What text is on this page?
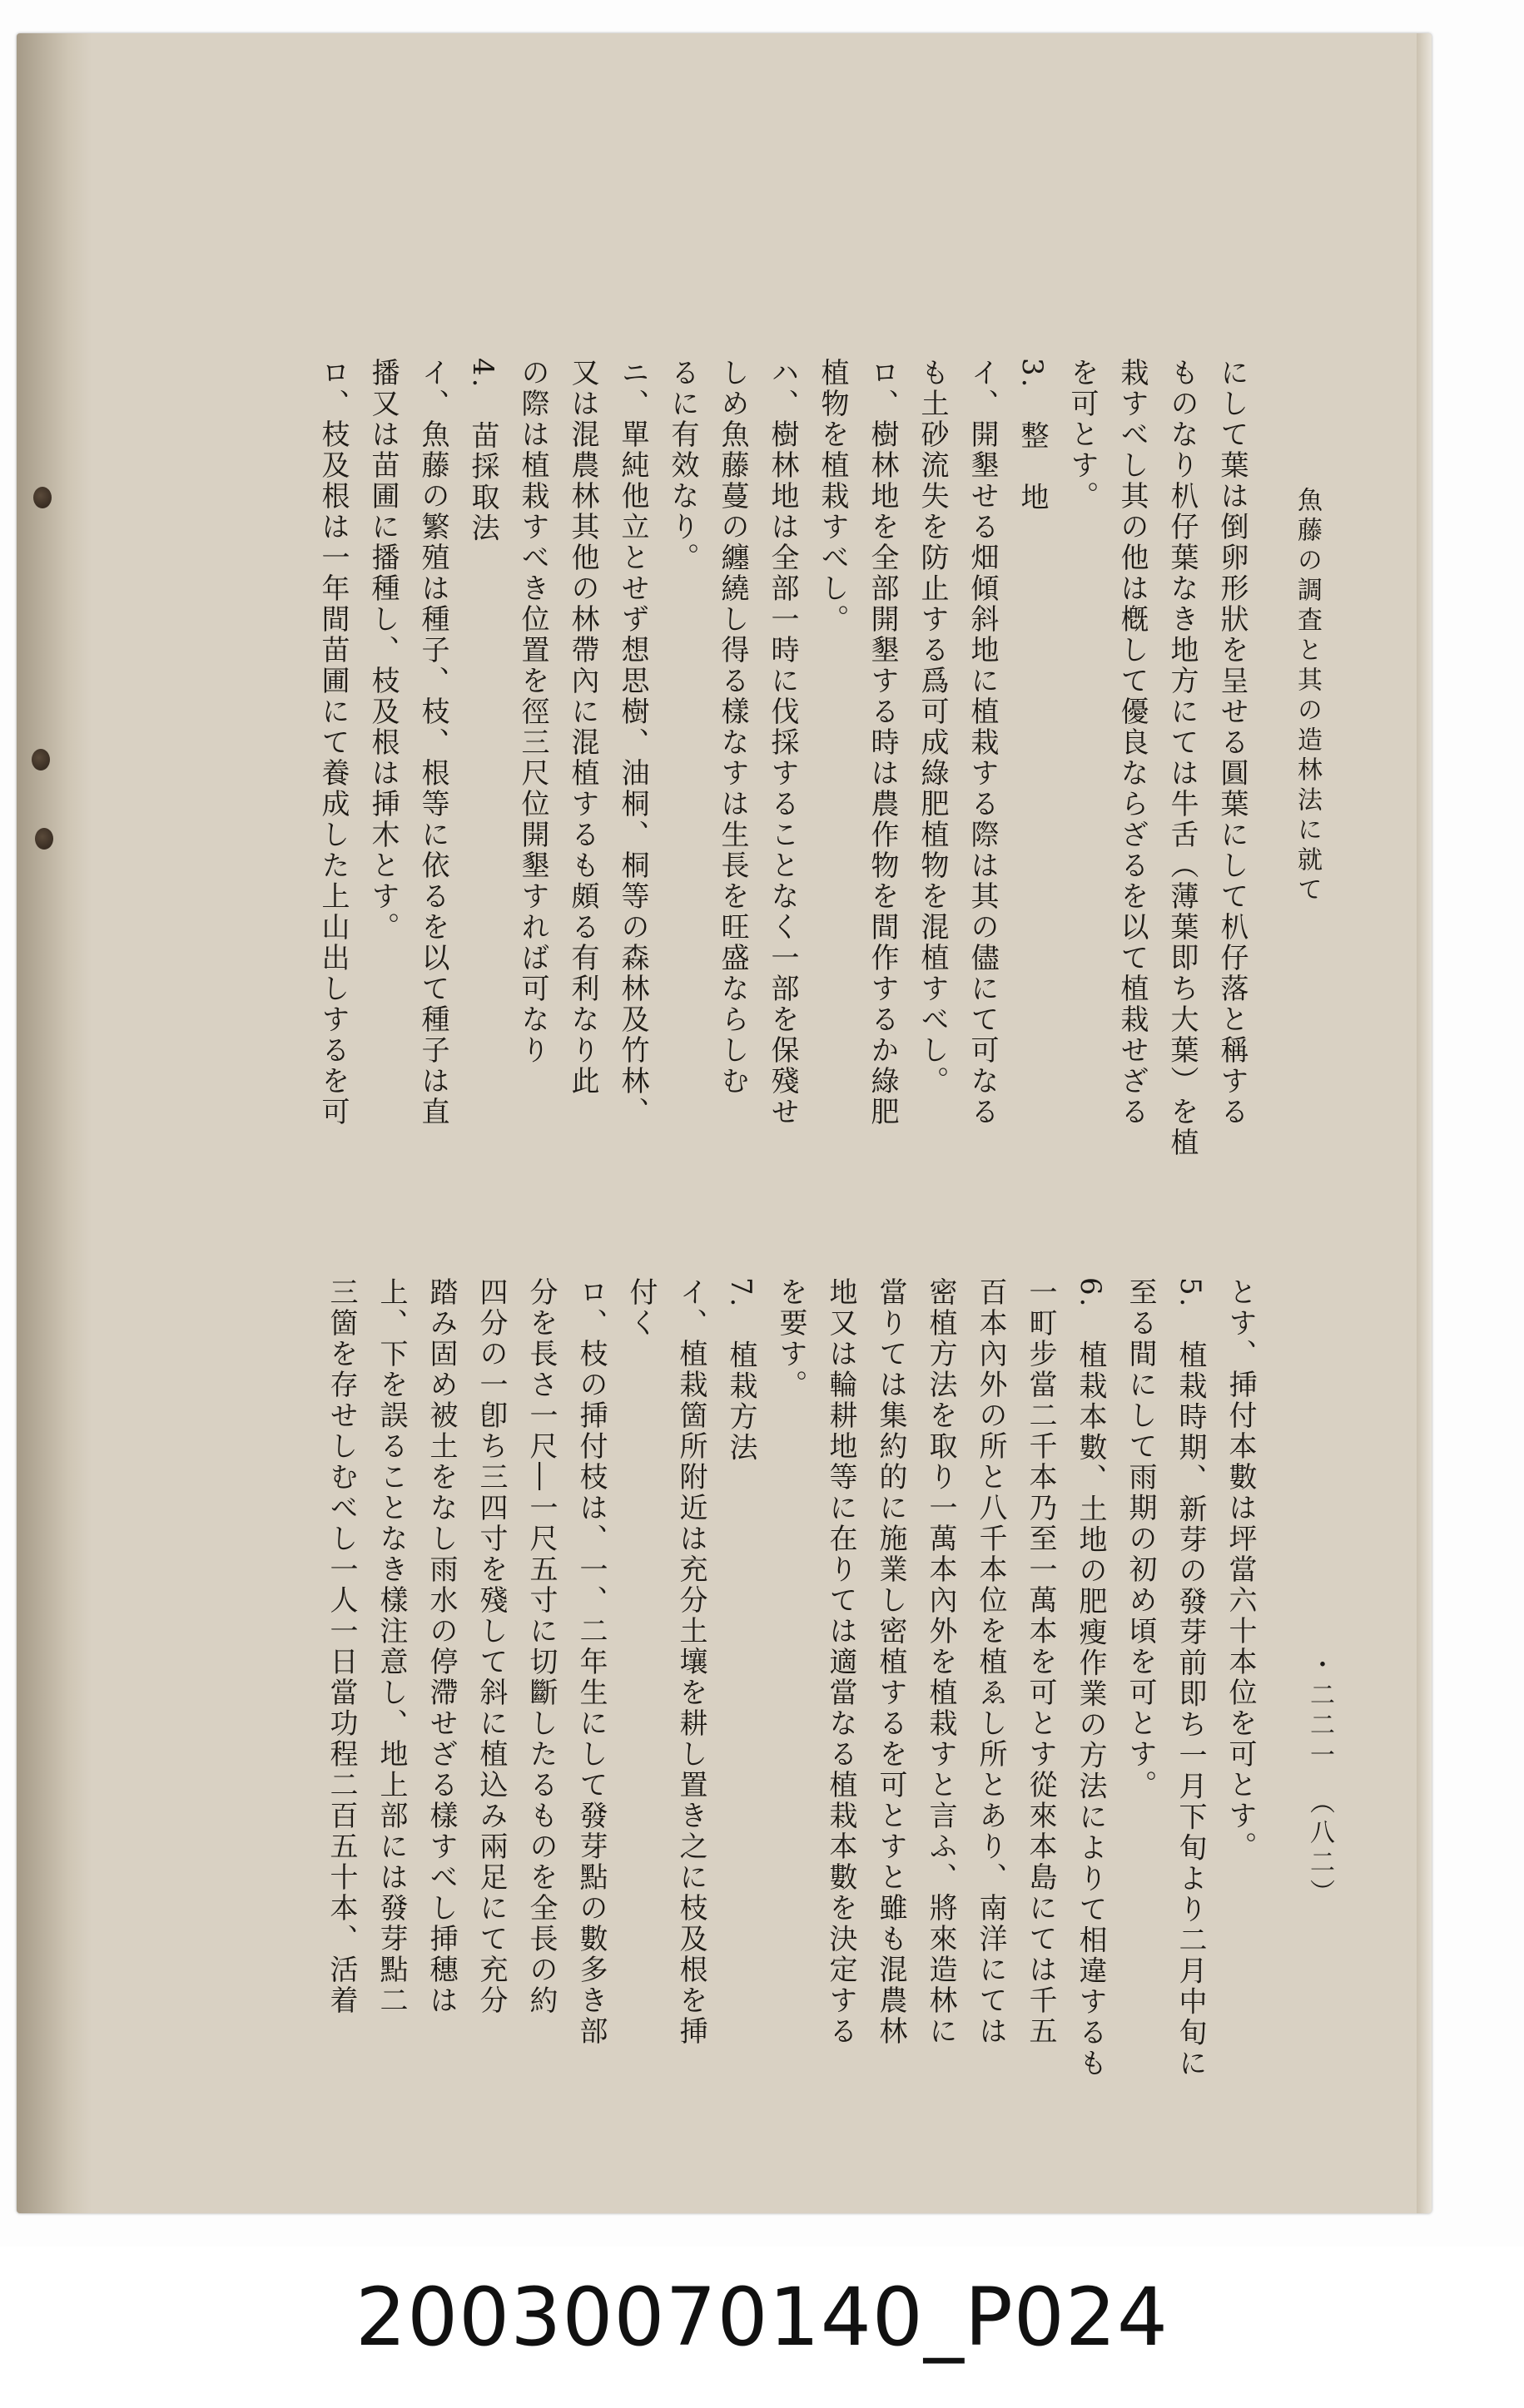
魚藤の調査と其の造林法に就て
・二二一　（八二）
にして葉は倒卵形狀を呈せる圓葉にして朳仔落と稱する
ものなり朳仔葉なき地方にては牛舌（薄葉即ち大葉）を植
栽すべし其の他は槪して優良ならざるを以て植栽せざる
を可とす。
3.　整　地
イ、開墾せる畑傾斜地に植栽する際は其の儘にて可なる
も土砂流失を防止する爲可成綠肥植物を混植すべし。
ロ、樹林地を全部開墾する時は農作物を間作するか綠肥
植物を植栽すべし。
ハ、樹林地は全部一時に伐採することなく一部を保殘せ
しめ魚藤蔓の纏繞し得る樣なすは生長を旺盛ならしむ
るに有效なり。
ニ、單純他立とせず想思樹、油桐、桐等の森林及竹林、
又は混農林其他の林帶內に混植するも頗る有利なり此
の際は植栽すべき位置を徑三尺位開墾すれば可なり
4.　苗採取法
イ、魚藤の繁殖は種子、枝、根等に依るを以て種子は直
播又は苗圃に播種し、枝及根は挿木とす。
ロ、枝及根は一年間苗圃にて養成した上山出しするを可
とす、挿付本數は坪當六十本位を可とす。
5.　植栽時期、新芽の發芽前即ち一月下旬より二月中旬に
至る間にして雨期の初め頃を可とす。
6.　植栽本數、土地の肥瘦作業の方法によりて相違するも
一町步當二千本乃至一萬本を可とす從來本島にては千五
百本內外の所と八千本位を植ゑし所とあり、南洋にては
密植方法を取り一萬本內外を植栽すと言ふ、將來造林に
當りては集約的に施業し密植するを可とすと雖も混農林
地又は輪耕地等に在りては適當なる植栽本數を決定する
を要す。
7.　植栽方法
イ、植栽箇所附近は充分土壤を耕し置き之に枝及根を挿
付く
ロ、枝の挿付枝は、一、二年生にして發芽點の數多き部
分を長さ一尺―一尺五寸に切斷したるものを全長の約
四分の一卽ち三四寸を殘して斜に植込み兩足にて充分
踏み固め被土をなし雨水の停滯せざる樣すべし挿穗は
上、下を誤ることなき樣注意し、地上部には發芽點二
三箇を存せしむべし一人一日當功程二百五十本、活着
20030070140_P024
